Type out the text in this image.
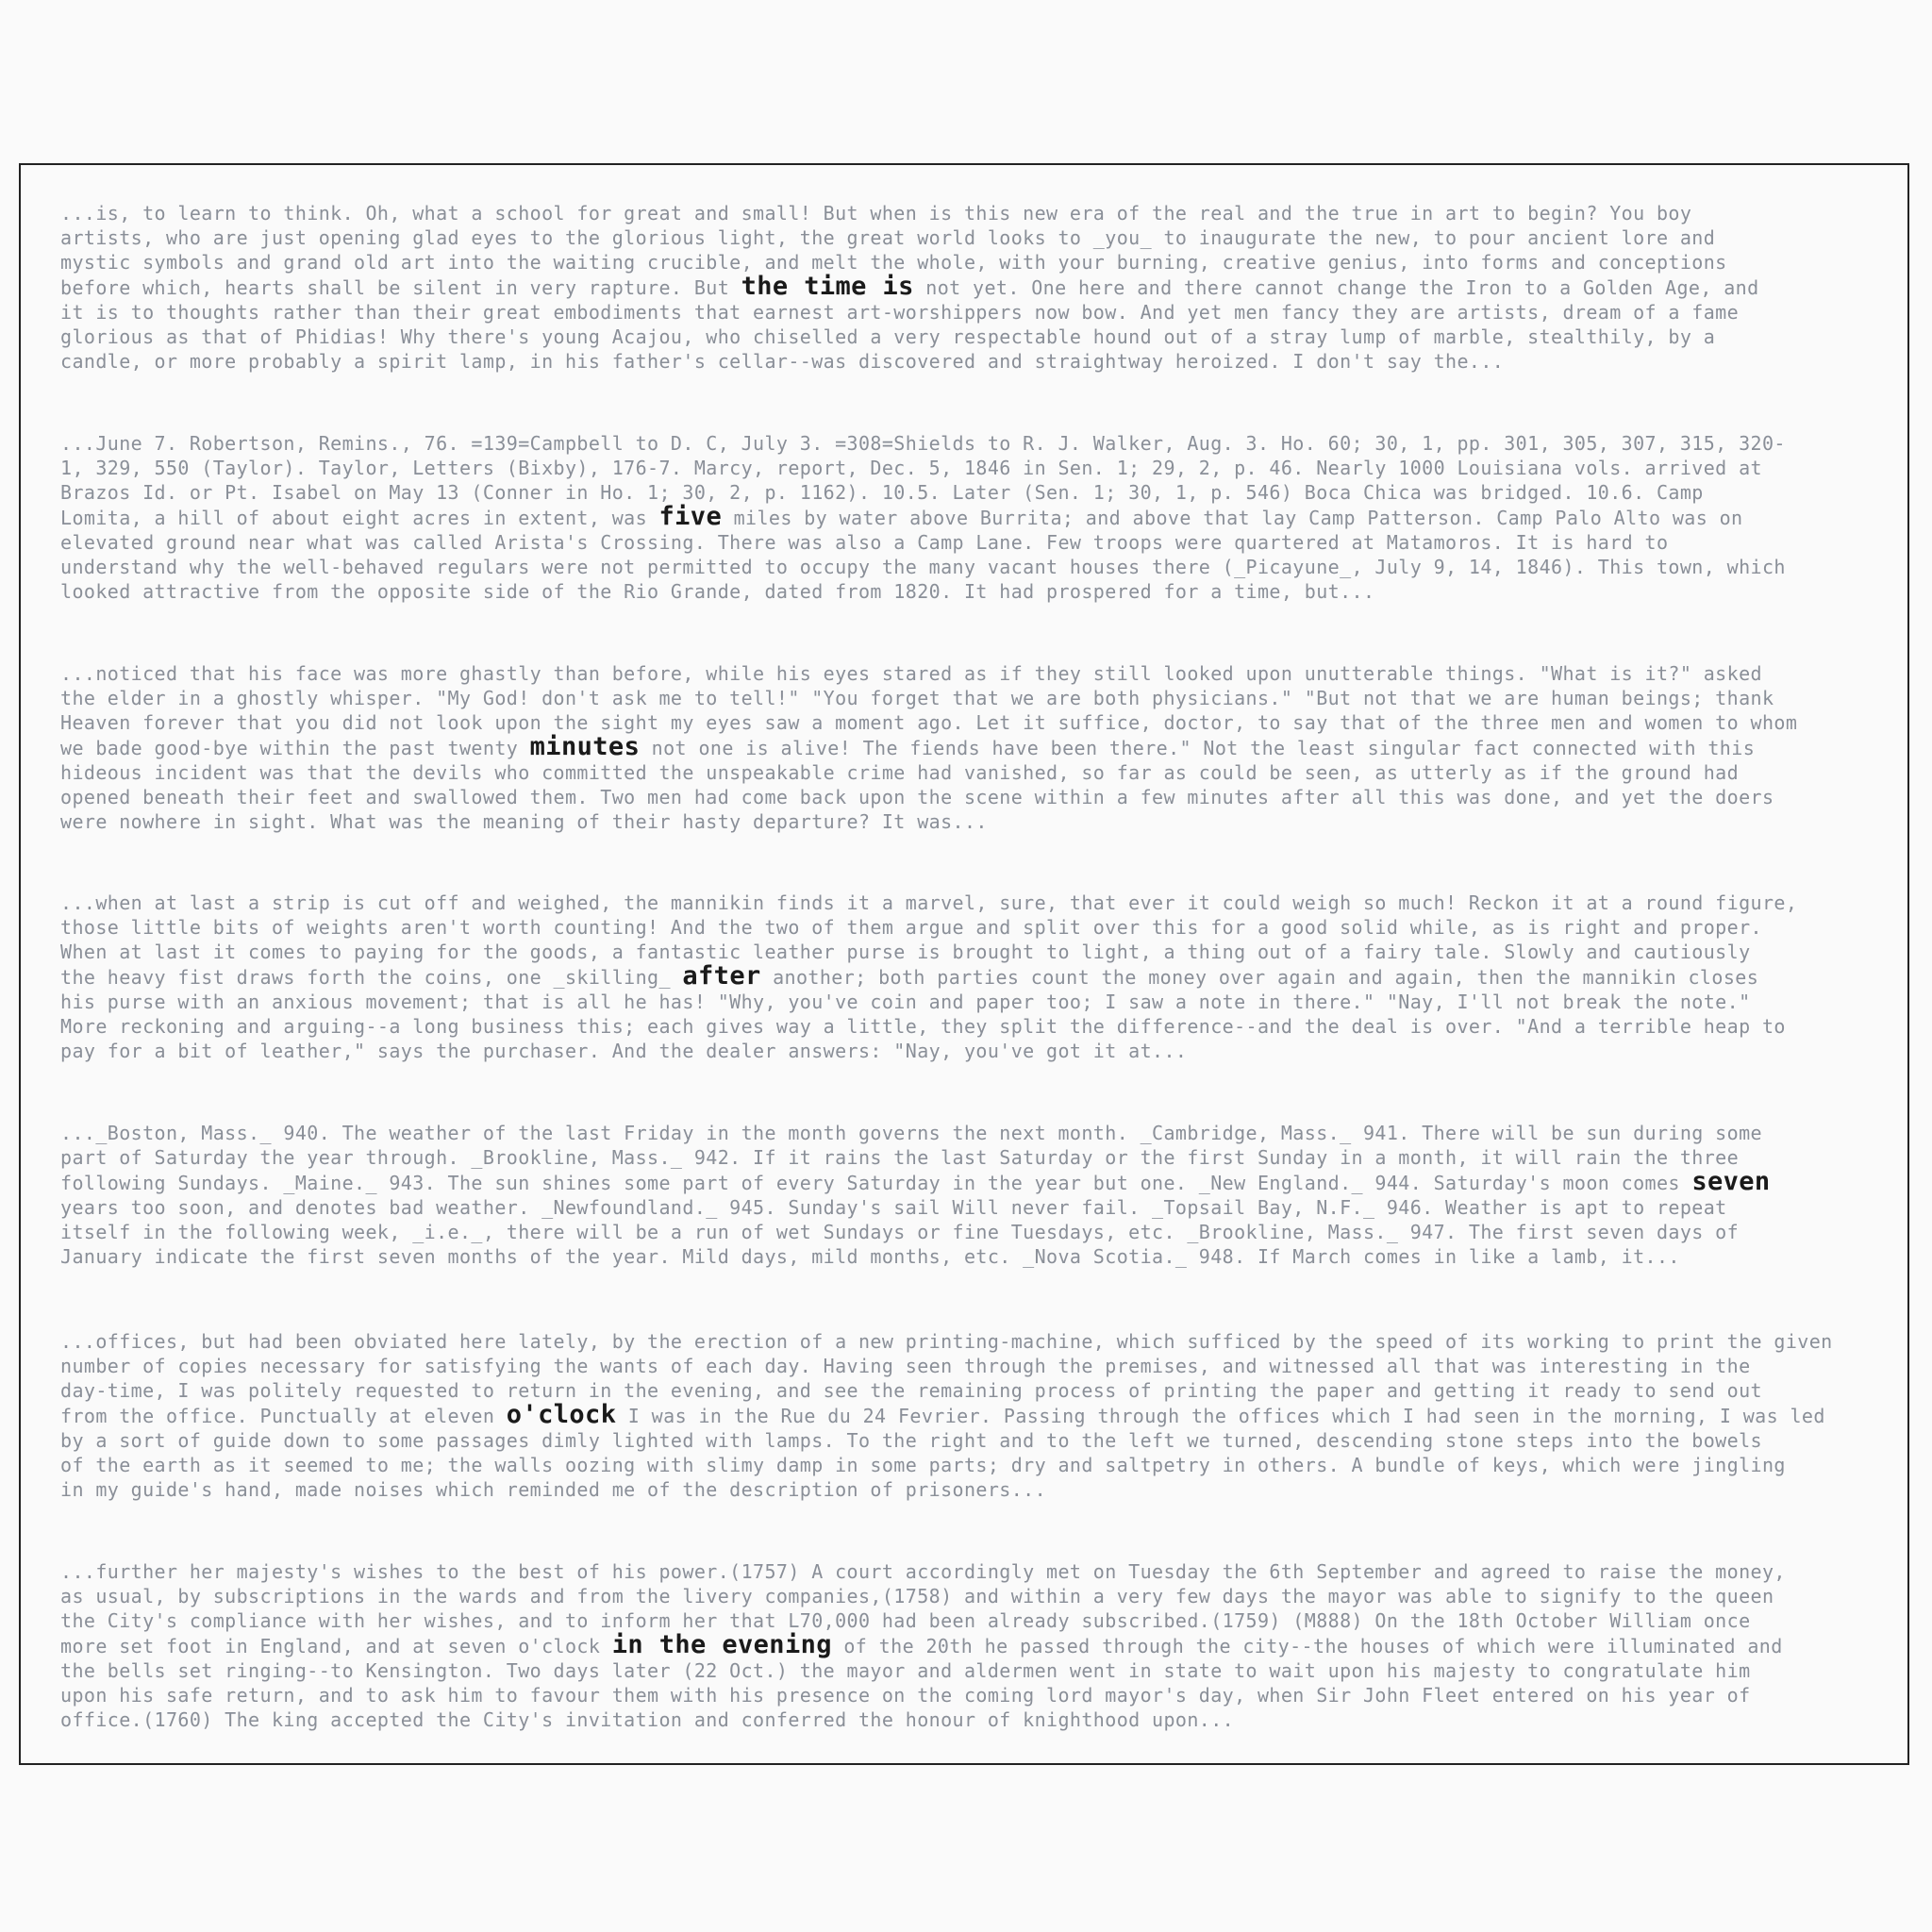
...is, to learn to think. Oh, what a school for great and small! But when is this new era of the real and the true in art to begin? You boy
artists, who are just opening glad eyes to the glorious light, the great world looks to _you_ to inaugurate the new, to pour ancient lore and
mystic symbols and grand old art into the waiting crucible, and melt the whole, with your burning, creative genius, into forms and conceptions
before which, hearts shall be silent in very rapture. But the time is not yet. One here and there cannot change the Iron to a Golden Age, and
it is to thoughts rather than their great embodiments that earnest art-worshippers now bow. And yet men fancy they are artists, dream of a fame
glorious as that of Phidias! Why there's young Acajou, who chiselled a very respectable hound out of a stray lump of marble, stealthily, by a
candle, or more probably a spirit lamp, in his father's cellar--was discovered and straightway heroized. I don't say the...

...June 7. Robertson, Remins., 76. =139=Campbell to D. C, July 3. =308=Shields to R. J. Walker, Aug. 3. Ho. 60; 30, 1, pp. 301, 305, 307, 315, 320-
1, 329, 550 (Taylor). Taylor, Letters (Bixby), 176-7. Marcy, report, Dec. 5, 1846 in Sen. 1; 29, 2, p. 46. Nearly 1000 Louisiana vols. arrived at
Brazos Id. or Pt. Isabel on May 13 (Conner in Ho. 1; 30, 2, p. 1162). 10.5. Later (Sen. 1; 30, 1, p. 546) Boca Chica was bridged. 10.6. Camp
Lomita, a hill of about eight acres in extent, was five miles by water above Burrita; and above that lay Camp Patterson. Camp Palo Alto was on
elevated ground near what was called Arista's Crossing. There was also a Camp Lane. Few troops were quartered at Matamoros. It is hard to
understand why the well-behaved regulars were not permitted to occupy the many vacant houses there (_Picayune_, July 9, 14, 1846). This town, which
looked attractive from the opposite side of the Rio Grande, dated from 1820. It had prospered for a time, but...

...noticed that his face was more ghastly than before, while his eyes stared as if they still looked upon unutterable things. "What is it?" asked
the elder in a ghostly whisper. "My God! don't ask me to tell!" "You forget that we are both physicians." "But not that we are human beings; thank
Heaven forever that you did not look upon the sight my eyes saw a moment ago. Let it suffice, doctor, to say that of the three men and women to whom
we bade good-bye within the past twenty minutes not one is alive! The fiends have been there." Not the least singular fact connected with this
hideous incident was that the devils who committed the unspeakable crime had vanished, so far as could be seen, as utterly as if the ground had
opened beneath their feet and swallowed them. Two men had come back upon the scene within a few minutes after all this was done, and yet the doers
were nowhere in sight. What was the meaning of their hasty departure? It was...

...when at last a strip is cut off and weighed, the mannikin finds it a marvel, sure, that ever it could weigh so much! Reckon it at a round figure,
those little bits of weights aren't worth counting! And the two of them argue and split over this for a good solid while, as is right and proper.
When at last it comes to paying for the goods, a fantastic leather purse is brought to light, a thing out of a fairy tale. Slowly and cautiously
the heavy fist draws forth the coins, one _skilling_ after another; both parties count the money over again and again, then the mannikin closes
his purse with an anxious movement; that is all he has! "Why, you've coin and paper too; I saw a note in there." "Nay, I'll not break the note."
More reckoning and arguing--a long business this; each gives way a little, they split the difference--and the deal is over. "And a terrible heap to
pay for a bit of leather," says the purchaser. And the dealer answers: "Nay, you've got it at...

..._Boston, Mass._ 940. The weather of the last Friday in the month governs the next month. _Cambridge, Mass._ 941. There will be sun during some
part of Saturday the year through. _Brookline, Mass._ 942. If it rains the last Saturday or the first Sunday in a month, it will rain the three
following Sundays. _Maine._ 943. The sun shines some part of every Saturday in the year but one. _New England._ 944. Saturday's moon comes seven
years too soon, and denotes bad weather. _Newfoundland._ 945. Sunday's sail Will never fail. _Topsail Bay, N.F._ 946. Weather is apt to repeat
itself in the following week, _i.e._, there will be a run of wet Sundays or fine Tuesdays, etc. _Brookline, Mass._ 947. The first seven days of
January indicate the first seven months of the year. Mild days, mild months, etc. _Nova Scotia._ 948. If March comes in like a lamb, it...

...offices, but had been obviated here lately, by the erection of a new printing-machine, which sufficed by the speed of its working to print the given
number of copies necessary for satisfying the wants of each day. Having seen through the premises, and witnessed all that was interesting in the
day-time, I was politely requested to return in the evening, and see the remaining process of printing the paper and getting it ready to send out
from the office. Punctually at eleven o'clock I was in the Rue du 24 Fevrier. Passing through the offices which I had seen in the morning, I was led
by a sort of guide down to some passages dimly lighted with lamps. To the right and to the left we turned, descending stone steps into the bowels
of the earth as it seemed to me; the walls oozing with slimy damp in some parts; dry and saltpetry in others. A bundle of keys, which were jingling
in my guide's hand, made noises which reminded me of the description of prisoners...

...further her majesty's wishes to the best of his power.(1757) A court accordingly met on Tuesday the 6th September and agreed to raise the money,
as usual, by subscriptions in the wards and from the livery companies,(1758) and within a very few days the mayor was able to signify to the queen
the City's compliance with her wishes, and to inform her that L70,000 had been already subscribed.(1759) (M888) On the 18th October William once
more set foot in England, and at seven o'clock in the evening of the 20th he passed through the city--the houses of which were illuminated and
the bells set ringing--to Kensington. Two days later (22 Oct.) the mayor and aldermen went in state to wait upon his majesty to congratulate him
upon his safe return, and to ask him to favour them with his presence on the coming lord mayor's day, when Sir John Fleet entered on his year of
office.(1760) The king accepted the City's invitation and conferred the honour of knighthood upon...
